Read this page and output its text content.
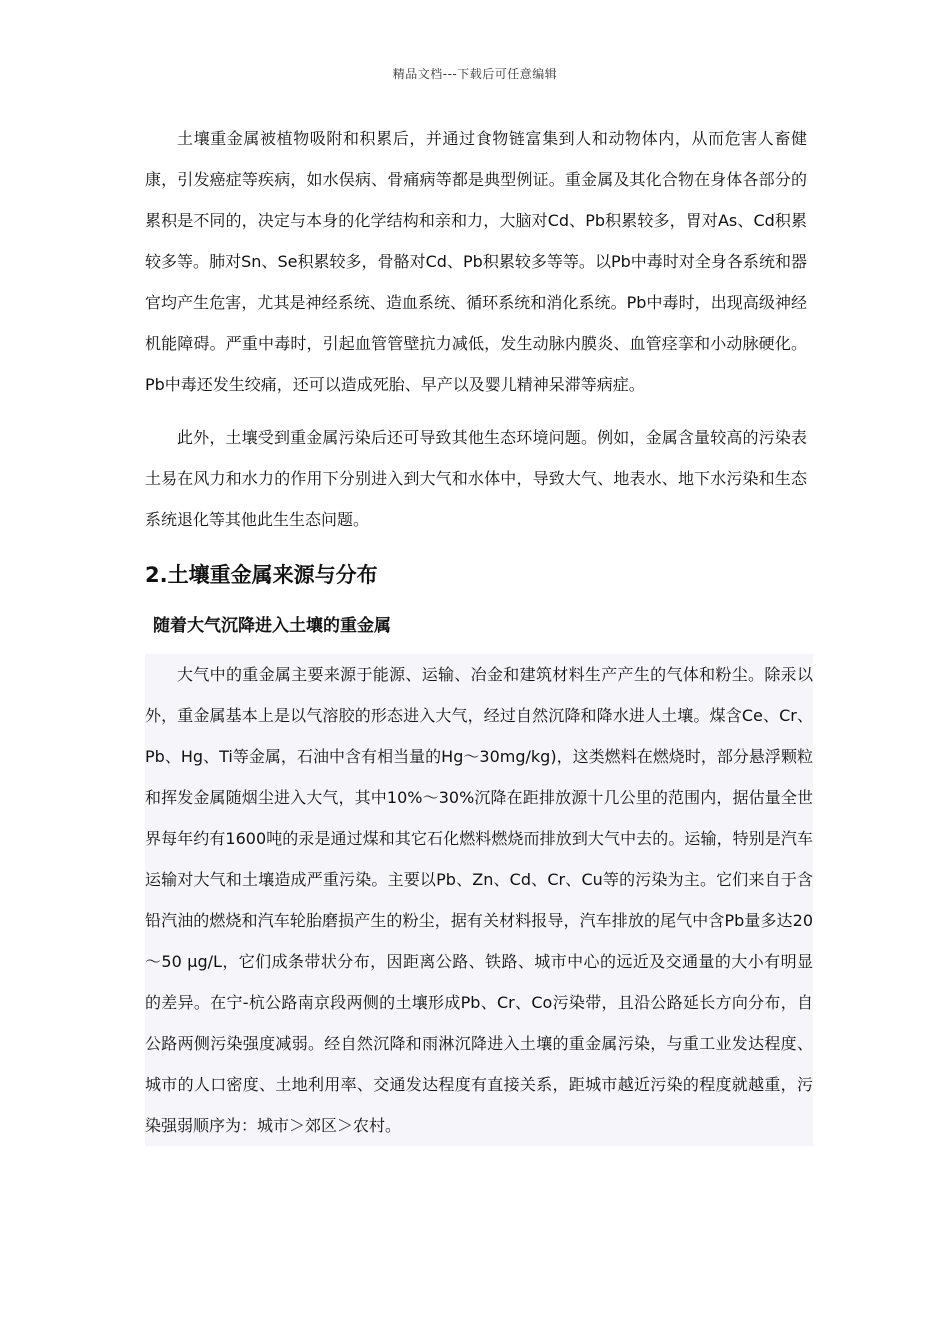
精品文档---下载后可任意编辑

土壤重金属被植物吸附和积累后，并通过食物链富集到人和动物体内，从而危害人畜健康，引发癌症等疾病，如水俣病、骨痛病等都是典型例证。重金属及其化合物在身体各部分的累积是不同的，决定与本身的化学结构和亲和力，大脑对Cd、Pb积累较多，胃对As、Cd积累较多等。肺对Sn、Se积累较多，骨骼对Cd、Pb积累较多等等。以Pb中毒时对全身各系统和器官均产生危害，尤其是神经系统、造血系统、循环系统和消化系统。Pb中毒时，出现高级神经机能障碍。严重中毒时，引起血管管壁抗力减低，发生动脉内膜炎、血管痉挛和小动脉硬化。Pb中毒还发生绞痛，还可以造成死胎、早产以及婴儿精神呆滞等病症。

此外，土壤受到重金属污染后还可导致其他生态环境问题。例如，金属含量较高的污染表土易在风力和水力的作用下分别进入到大气和水体中，导致大气、地表水、地下水污染和生态系统退化等其他此生生态问题。

2.土壤重金属来源与分布
随着大气沉降进入土壤的重金属

大气中的重金属主要来源于能源、运输、冶金和建筑材料生产产生的气体和粉尘。除汞以外，重金属基本上是以气溶胶的形态进入大气，经过自然沉降和降水进人土壤。煤含Ce、Cr、Pb、Hg、Ti等金属，石油中含有相当量的Hg～30mg/kg)，这类燃料在燃烧时，部分悬浮颗粒和挥发金属随烟尘进入大气，其中10%～30%沉降在距排放源十几公里的范围内，据估量全世界每年约有1600吨的汞是通过煤和其它石化燃料燃烧而排放到大气中去的。运输，特别是汽车运输对大气和土壤造成严重污染。主要以Pb、Zn、Cd、Cr、Cu等的污染为主。它们来自于含铅汽油的燃烧和汽车轮胎磨损产生的粉尘，据有关材料报导，汽车排放的尾气中含Pb量多达20～50 μg/L，它们成条带状分布，因距离公路、铁路、城市中心的远近及交通量的大小有明显的差异。在宁-杭公路南京段两侧的土壤形成Pb、Cr、Co污染带，且沿公路延长方向分布，自公路两侧污染强度减弱。经自然沉降和雨淋沉降进入土壤的重金属污染，与重工业发达程度、城市的人口密度、土地利用率、交通发达程度有直接关系，距城市越近污染的程度就越重，污染强弱顺序为：城市＞郊区＞农村。
